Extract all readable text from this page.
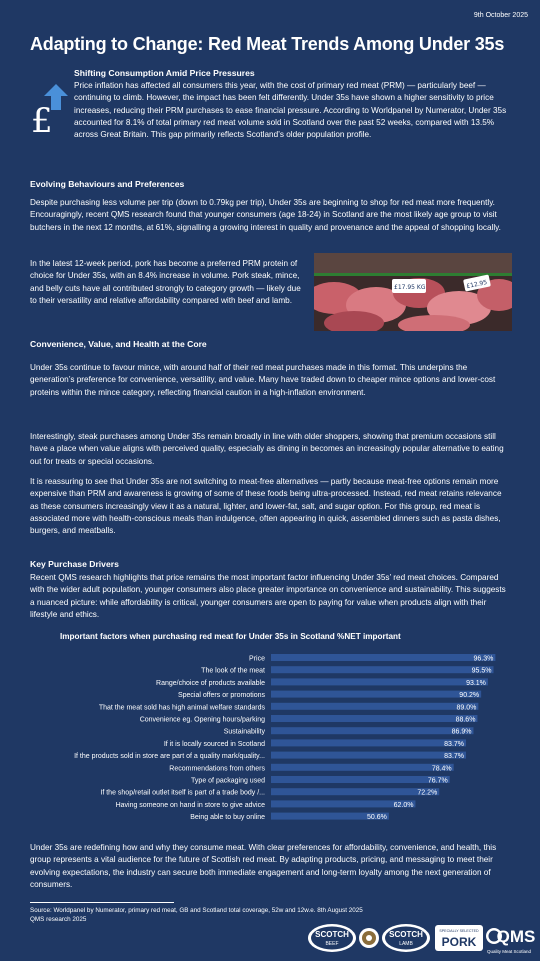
9th October 2025
Adapting to Change: Red Meat Trends Among Under 35s
£
Shifting Consumption Amid Price Pressures

Price inflation has affected all consumers this year, with the cost of primary red meat (PRM) — particularly beef — continuing to climb. However, the impact has been felt differently. Under 35s have shown a higher sensitivity to price increases, reducing their PRM purchases to ease financial pressure. According to Worldpanel by Numerator, Under 35s accounted for 8.1% of total primary red meat volume sold in Scotland over the past 52 weeks, compared with 13.5% across Great Britain. This gap primarily reflects Scotland’s older population profile.

Evolving Behaviours and Preferences

Despite purchasing less volume per trip (down to 0.79kg per trip), Under 35s are beginning to shop for red meat more frequently. Encouragingly, recent QMS research found that younger consumers (age 18-24) in Scotland are the most likely age group to visit butchers in the next 12 months, at 61%, signalling a growing interest in quality and provenance and the appeal of shopping locally.

In the latest 12-week period, pork has become a preferred PRM protein of choice for Under 35s, with an 8.4% increase in volume. Pork steak, mince, and belly cuts have all contributed strongly to category growth — likely due to their versatility and relative affordability compared with beef and lamb.

£17.95 KG	£12.95
Convenience, Value, and Health at the Core

Under 35s continue to favour mince, with around half of their red meat purchases made in this format. This underpins the generation’s preference for convenience, versatility, and value. Many have traded down to cheaper mince options and lower-cost proteins within the mince category, reflecting financial caution in a high-inflation environment.

Interestingly, steak purchases among Under 35s remain broadly in line with older shoppers, showing that premium occasions still have a place when value aligns with perceived quality, especially as dining in becomes an increasingly popular alternative to eating out for treats or special occasions.

It is reassuring to see that Under 35s are not switching to meat-free alternatives — partly because meat-free options remain more expensive than PRM and awareness is growing of some of these foods being ultra-processed. Instead, red meat retains relevance as these consumers increasingly view it as a natural, lighter, and lower-fat, salt, and sugar option. For this group, red meat is associated more with health-conscious meals than indulgence, often appearing in quick, assembled dinners such as pasta dishes, burgers, and meatballs.

Key Purchase Drivers

Recent QMS research highlights that price remains the most important factor influencing Under 35s’ red meat choices. Compared with the wider adult population, younger consumers also place greater importance on convenience and sustainability. This suggests a nuanced picture: while affordability is critical, younger consumers are open to paying for value when products align with their lifestyle and ethics.

Important factors when purchasing red meat for Under 35s in Scotland %NET important
Price	96.3%
The look of the meat	95.5%
Range/choice of products available	93.1%
Special offers or promotions	90.2%
That the meat sold has high animal welfare standards	89.0%
Convenience eg. Opening hours/parking	88.6%
Sustainability	86.9%
If it is locally sourced in Scotland	83.7%
If the products sold in store are part of a quality mark/quality...	83.7%
Recommendations from others	78.4%
Type of packaging used	76.7%
If the shop/retail outlet itself is part of a trade body /...	72.2%
Having someone on hand in store to give advice	62.0%
Being able to buy online	50.6%

Under 35s are redefining how and why they consume meat. With clear preferences for affordability, convenience, and health, this group represents a vital audience for the future of Scottish red meat. By adapting products, pricing, and messaging to meet their evolving expectations, the industry can secure both immediate engagement and long-term loyalty among the next generation of consumers.

Source: Worldpanel by Numerator, primary red meat, GB and Scotland total coverage, 52w and 12w.e. 8th August 2025
QMS research 2025
SCOTCH
BEEF
SCOTCH
LAMB
SPECIALLY SELECTED
PORK QMS
Quality Meat Scotland
